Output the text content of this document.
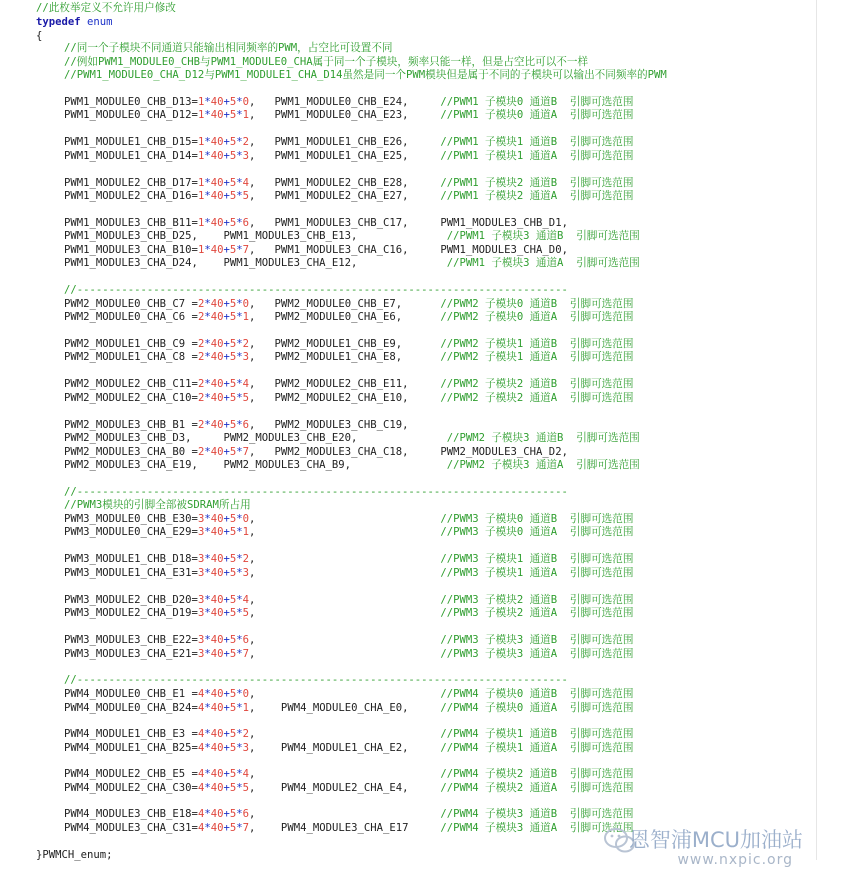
//此枚举定义不允许用户修改
typedef enum
{
//同一个子模块不同通道只能输出相同频率的PWM，占空比可设置不同
//例如PWM1_MODULE0_CHB与PWM1_MODULE0_CHA属于同一个子模块，频率只能一样，但是占空比可以不一样
//PWM1_MODULE0_CHA_D12与PWM1_MODULE1_CHA_D14虽然是同一个PWM模块但是属于不同的子模块可以输出不同频率的PWM
PWM1_MODULE0_CHB_D13=1*40+5*0,   PWM1_MODULE0_CHB_E24,     //PWM1 子模块0 通道B  引脚可选范围
PWM1_MODULE0_CHA_D12=1*40+5*1,   PWM1_MODULE0_CHA_E23,     //PWM1 子模块0 通道A  引脚可选范围
PWM1_MODULE1_CHB_D15=1*40+5*2,   PWM1_MODULE1_CHB_E26,     //PWM1 子模块1 通道B  引脚可选范围
PWM1_MODULE1_CHA_D14=1*40+5*3,   PWM1_MODULE1_CHA_E25,     //PWM1 子模块1 通道A  引脚可选范围
PWM1_MODULE2_CHB_D17=1*40+5*4,   PWM1_MODULE2_CHB_E28,     //PWM1 子模块2 通道B  引脚可选范围
PWM1_MODULE2_CHA_D16=1*40+5*5,   PWM1_MODULE2_CHA_E27,     //PWM1 子模块2 通道A  引脚可选范围
PWM1_MODULE3_CHB_B11=1*40+5*6,   PWM1_MODULE3_CHB_C17,     PWM1_MODULE3_CHB_D1,
PWM1_MODULE3_CHB_D25,    PWM1_MODULE3_CHB_E13,              //PWM1 子模块3 通道B  引脚可选范围
PWM1_MODULE3_CHA_B10=1*40+5*7,   PWM1_MODULE3_CHA_C16,     PWM1_MODULE3_CHA_D0,
PWM1_MODULE3_CHA_D24,    PWM1_MODULE3_CHA_E12,              //PWM1 子模块3 通道A  引脚可选范围
//-----------------------------------------------------------------------------
PWM2_MODULE0_CHB_C7 =2*40+5*0,   PWM2_MODULE0_CHB_E7,      //PWM2 子模块0 通道B  引脚可选范围
PWM2_MODULE0_CHA_C6 =2*40+5*1,   PWM2_MODULE0_CHA_E6,      //PWM2 子模块0 通道A  引脚可选范围
PWM2_MODULE1_CHB_C9 =2*40+5*2,   PWM2_MODULE1_CHB_E9,      //PWM2 子模块1 通道B  引脚可选范围
PWM2_MODULE1_CHA_C8 =2*40+5*3,   PWM2_MODULE1_CHA_E8,      //PWM2 子模块1 通道A  引脚可选范围
PWM2_MODULE2_CHB_C11=2*40+5*4,   PWM2_MODULE2_CHB_E11,     //PWM2 子模块2 通道B  引脚可选范围
PWM2_MODULE2_CHA_C10=2*40+5*5,   PWM2_MODULE2_CHA_E10,     //PWM2 子模块2 通道A  引脚可选范围
PWM2_MODULE3_CHB_B1 =2*40+5*6,   PWM2_MODULE3_CHB_C19,
PWM2_MODULE3_CHB_D3,     PWM2_MODULE3_CHB_E20,              //PWM2 子模块3 通道B  引脚可选范围
PWM2_MODULE3_CHA_B0 =2*40+5*7,   PWM2_MODULE3_CHA_C18,     PWM2_MODULE3_CHA_D2,
PWM2_MODULE3_CHA_E19,    PWM2_MODULE3_CHA_B9,               //PWM2 子模块3 通道A  引脚可选范围
//-----------------------------------------------------------------------------
//PWM3模块的引脚全部被SDRAM所占用
PWM3_MODULE0_CHB_E30=3*40+5*0,                             //PWM3 子模块0 通道B  引脚可选范围
PWM3_MODULE0_CHA_E29=3*40+5*1,                             //PWM3 子模块0 通道A  引脚可选范围
PWM3_MODULE1_CHB_D18=3*40+5*2,                             //PWM3 子模块1 通道B  引脚可选范围
PWM3_MODULE1_CHA_E31=3*40+5*3,                             //PWM3 子模块1 通道A  引脚可选范围
PWM3_MODULE2_CHB_D20=3*40+5*4,                             //PWM3 子模块2 通道B  引脚可选范围
PWM3_MODULE2_CHA_D19=3*40+5*5,                             //PWM3 子模块2 通道A  引脚可选范围
PWM3_MODULE3_CHB_E22=3*40+5*6,                             //PWM3 子模块3 通道B  引脚可选范围
PWM3_MODULE3_CHA_E21=3*40+5*7,                             //PWM3 子模块3 通道A  引脚可选范围
//-----------------------------------------------------------------------------
PWM4_MODULE0_CHB_E1 =4*40+5*0,                             //PWM4 子模块0 通道B  引脚可选范围
PWM4_MODULE0_CHA_B24=4*40+5*1,    PWM4_MODULE0_CHA_E0,     //PWM4 子模块0 通道A  引脚可选范围
PWM4_MODULE1_CHB_E3 =4*40+5*2,                             //PWM4 子模块1 通道B  引脚可选范围
PWM4_MODULE1_CHA_B25=4*40+5*3,    PWM4_MODULE1_CHA_E2,     //PWM4 子模块1 通道A  引脚可选范围
PWM4_MODULE2_CHB_E5 =4*40+5*4,                             //PWM4 子模块2 通道B  引脚可选范围
PWM4_MODULE2_CHA_C30=4*40+5*5,    PWM4_MODULE2_CHA_E4,     //PWM4 子模块2 通道A  引脚可选范围
PWM4_MODULE3_CHB_E18=4*40+5*6,                             //PWM4 子模块3 通道B  引脚可选范围
PWM4_MODULE3_CHA_C31=4*40+5*7,    PWM4_MODULE3_CHA_E17     //PWM4 子模块3 通道A  引脚可选范围
}PWMCH_enum;
恩智浦MCU加油站
www.nxpic.org
